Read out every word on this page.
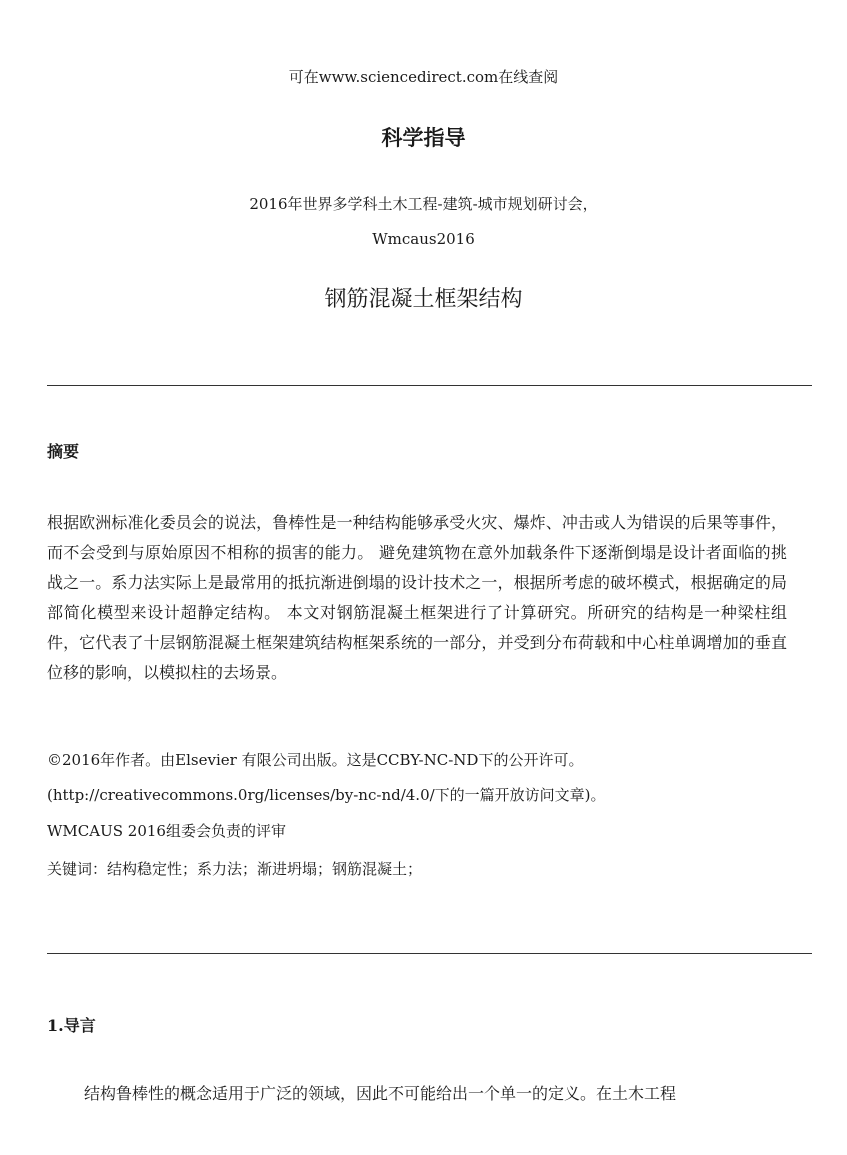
可在www.sciencedirect.com在线查阅
科学指导
2016年世界多学科土木工程-建筑-城市规划研讨会，
Wmcaus2016
钢筋混凝土框架结构
摘要

根据欧洲标准化委员会的说法，鲁棒性是一种结构能够承受火灾、爆炸、冲击或人为错误的后果等事件，而不会受到与原始原因不相称的损害的能力。 避免建筑物在意外加载条件下逐渐倒塌是设计者面临的挑战之一。系力法实际上是最常用的抵抗渐进倒塌的设计技术之一，根据所考虑的破坏模式，根据确定的局部简化模型来设计超静定结构。 本文对钢筋混凝土框架进行了计算研究。所研究的结构是一种梁柱组件，它代表了十层钢筋混凝土框架建筑结构框架系统的一部分，并受到分布荷载和中心柱单调增加的垂直位移的影响，以模拟柱的去场景。

©2016年作者。由Elsevier 有限公司出版。这是CCBY-NC-ND下的公开许可。
(http://creativecommons.0rg/licenses/by-nc-nd/4.0/下的一篇开放访问文章)。
WMCAUS 2016组委会负责的评审
关键词：结构稳定性；系力法；渐进坍塌；钢筋混凝土；
1.导言
结构鲁棒性的概念适用于广泛的领域，因此不可能给出一个单一的定义。在土木工程
